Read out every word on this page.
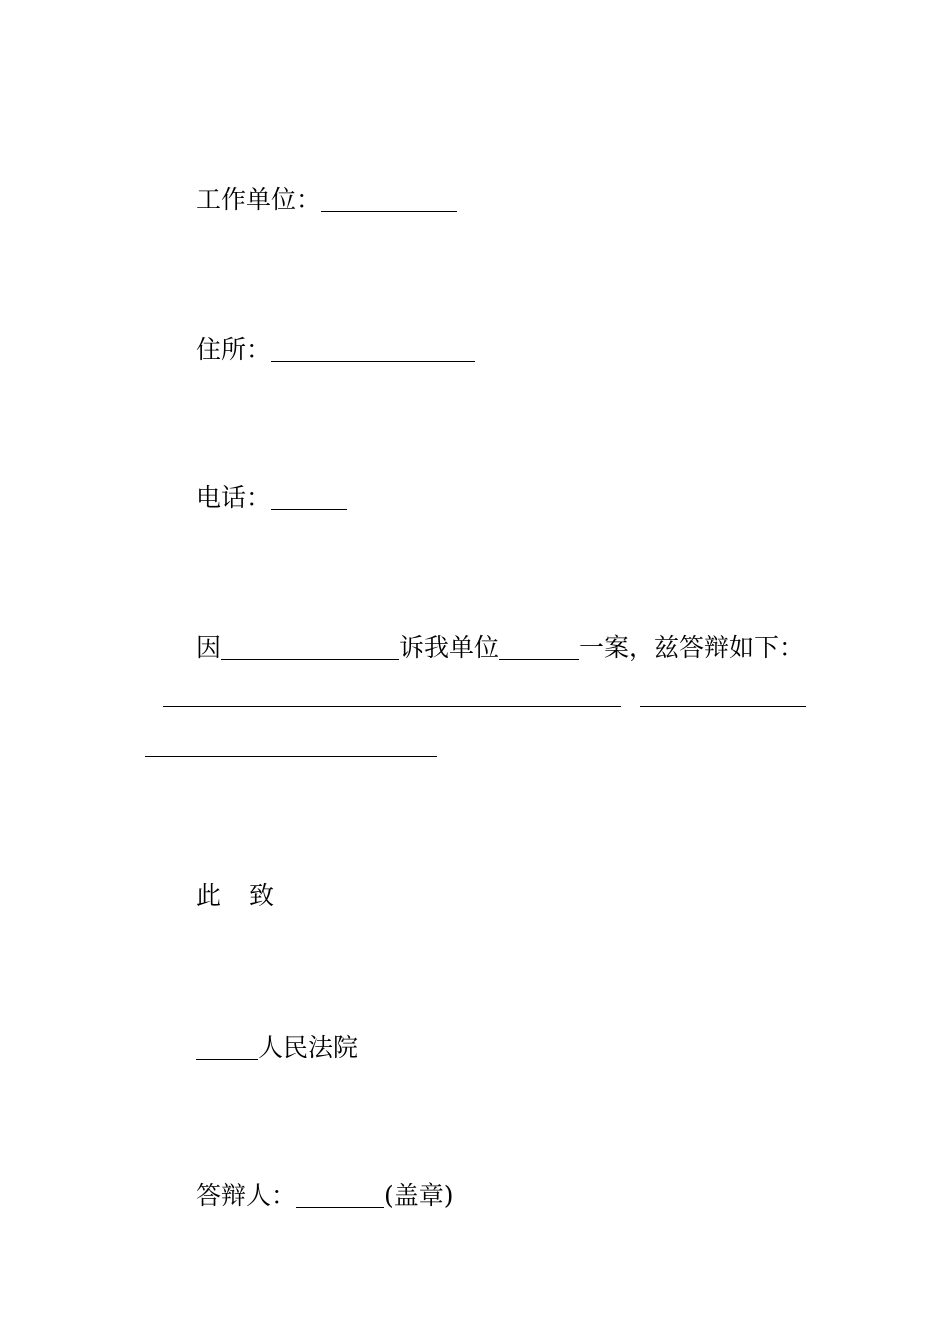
工作单位：
住所：
电话：
因	诉我单位	一案，兹答辩如下：
此 致
人民法院
答辩人：	(盖章)
